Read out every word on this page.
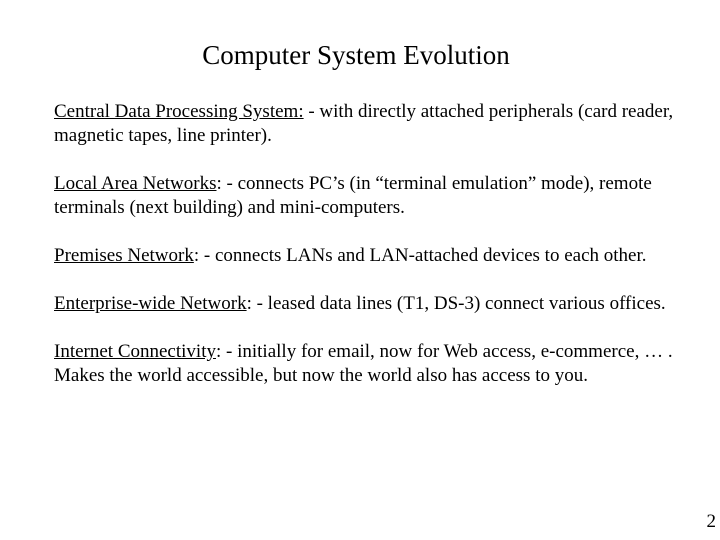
Computer System Evolution
Central Data Processing System: - with directly attached peripherals (card reader, magnetic tapes, line printer).
Local Area Networks: - connects PC’s (in “terminal emulation” mode), remote terminals (next building) and mini-computers.
Premises Network: - connects LANs and LAN-attached devices to each other.
Enterprise-wide Network: - leased data lines (T1, DS-3) connect various offices.
Internet Connectivity: - initially for email, now for Web access, e-commerce, … . Makes the world accessible, but now the world also has access to you.
2
